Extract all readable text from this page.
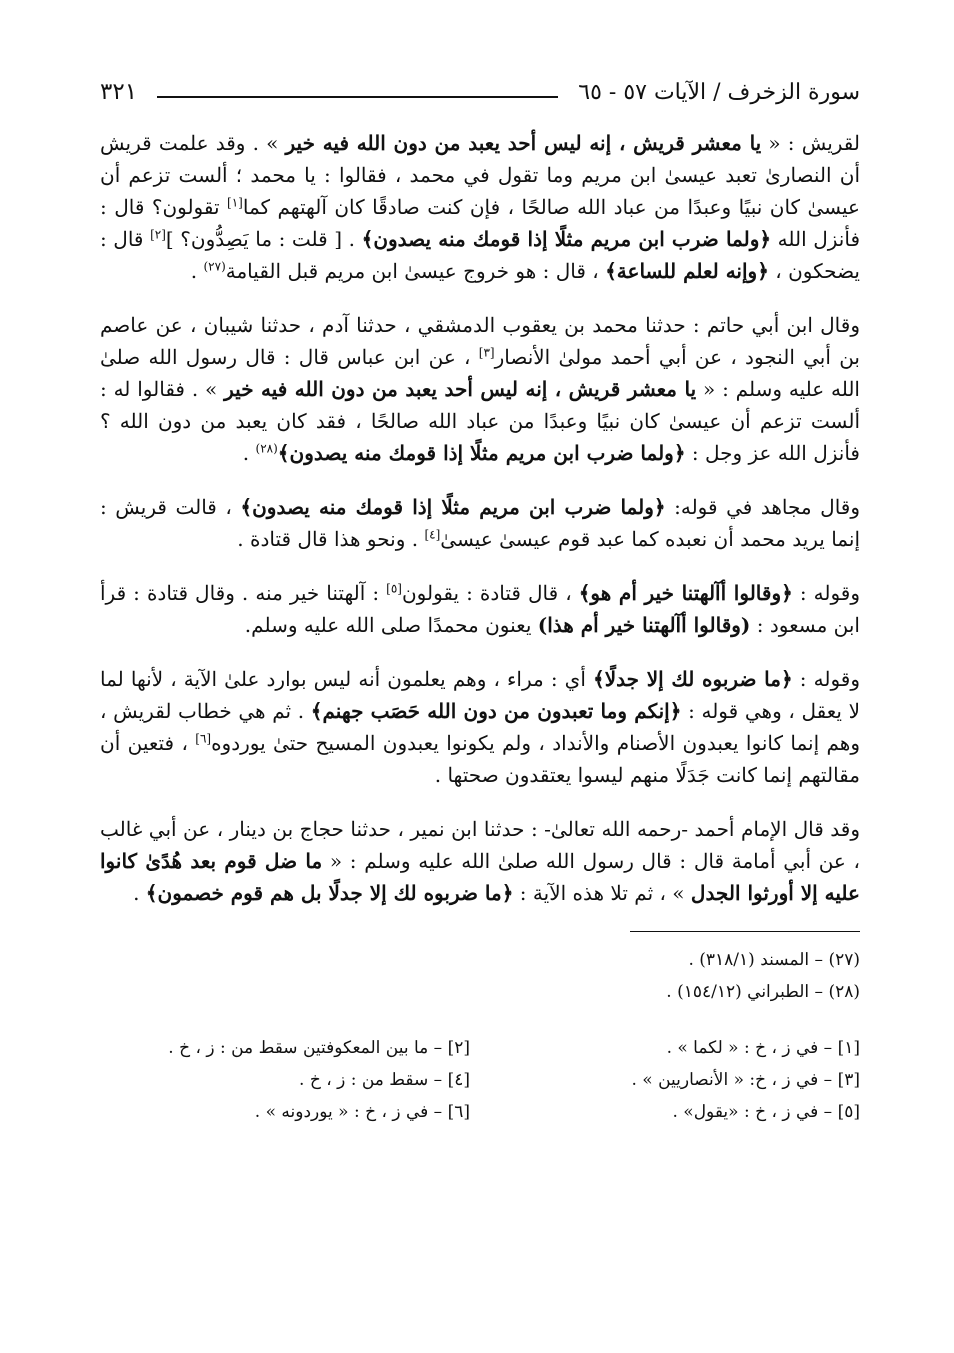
سورة الزخرف / الآيات ٥٧ - ٦٥
٣٢١

لقريش : « يا معشر قريش ، إنه ليس أحد يعبد من دون الله فيه خير » . وقد علمت قريش أن النصارىٰ تعبد عيسىٰ ابن مريم وما تقول في محمد ، فقالوا : يا محمد ؛ ألست تزعم أن عيسىٰ كان نبيًا وعبدًا من عباد الله صالحًا ، فإن كنت صادقًا كان آلهتهم كما[١] تقولون؟ قال : فأنزل الله ﴿ولما ضرب ابن مريم مثلًا إذا قومك منه يصدون﴾ . [ قلت : ما يَصِدُّون؟ ][٢] قال : يضحكون ، ﴿وإنه لعلم للساعة﴾ ، قال : هو خروج عيسىٰ ابن مريم قبل القيامة$^{(٢٧)}$ .

وقال ابن أبي حاتم : حدثنا محمد بن يعقوب الدمشقي ، حدثنا آدم ، حدثنا شيبان ، عن عاصم بن أبي النجود ، عن أبي أحمد مولىٰ الأنصار[٣] ، عن ابن عباس قال : قال رسول الله صلىٰ الله عليه وسلم : « يا معشر قريش ، إنه ليس أحد يعبد من دون الله فيه خير » . فقالوا له : ألست تزعم أن عيسىٰ كان نبيًا وعبدًا من عباد الله صالحًا ، فقد كان يعبد من دون الله ؟ فأنزل الله عز وجل : ﴿ولما ضرب ابن مريم مثلًا إذا قومك منه يصدون﴾$^{(٢٨)}$ .

وقال مجاهد في قوله: ﴿ولما ضرب ابن مريم مثلًا إذا قومك منه يصدون﴾ ، قالت قريش : إنما يريد محمد أن نعبده كما عبد قوم عيسىٰ عيسىٰ[٤] . ونحو هذا قال قتادة .

وقوله : ﴿وقالوا أآلهتنا خير أم هو﴾ ، قال قتادة : يقولون[٥] : آلهتنا خير منه . وقال قتادة : قرأ ابن مسعود : (وقالوا أآلهتنا خير أم هذا) يعنون محمدًا صلى الله عليه وسلم.

وقوله : ﴿ما ضربوه لك إلا جدلًا﴾ أي : مراء ، وهم يعلمون أنه ليس بوارد علىٰ الآية ، لأنها لما لا يعقل ، وهي قوله : ﴿إنكم وما تعبدون من دون الله حَصَب جهنم﴾ . ثم هي خطاب لقريش ، وهم إنما كانوا يعبدون الأصنام والأنداد ، ولم يكونوا يعبدون المسيح حتىٰ يوردوه[٦] ، فتعين أن مقالتهم إنما كانت جَدَلًا منهم ليسوا يعتقدون صحتها .

وقد قال الإمام أحمد -رحمه الله تعالىٰ- : حدثنا ابن نمير ، حدثنا حجاج بن دينار ، عن أبي غالب ، عن أبي أمامة قال : قال رسول الله صلىٰ الله عليه وسلم : « ما ضل قوم بعد هُدًىٰ كانوا عليه إلا أورثوا الجدل » ، ثم تلا هذه الآية : ﴿ما ضربوه لك إلا جدلًا بل هم قوم خصمون﴾ .

(٢٧) – المسند (٣١٨/١) .
(٢٨) – الطبراني (١٥٤/١٢) .
[١] – في ز ، خ : « لكما » .
[٢] – ما بين المعكوفتين سقط من : ز ، خ .
[٣] – في ز ، خ: « الأنصاريين » .
[٤] – سقط من : ز ، خ .
[٥] – في ز ، خ : «يقول» .
[٦] – في ز ، خ : « يوردونه » .
